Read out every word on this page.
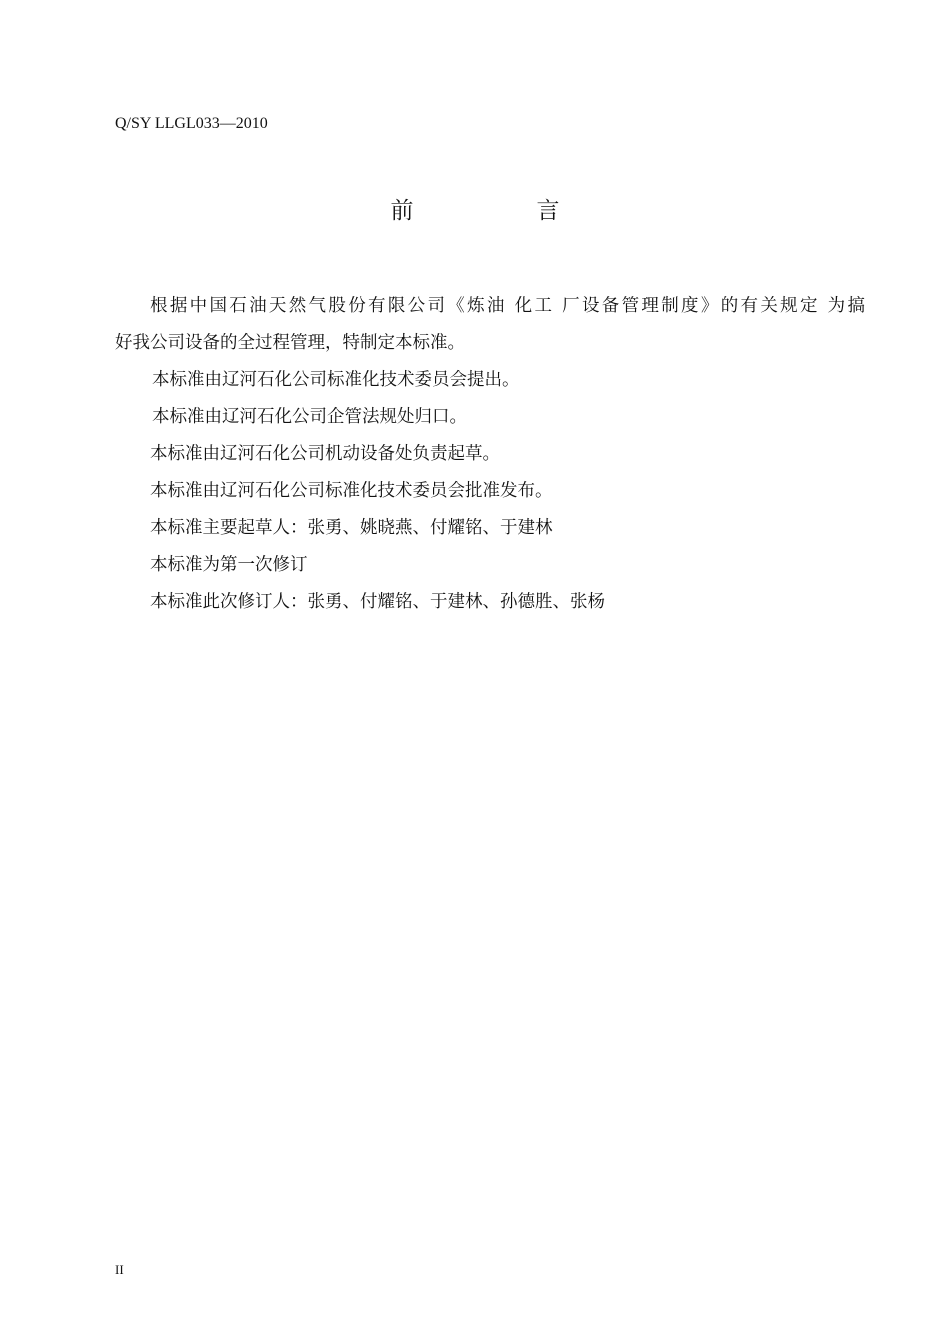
Q/SY LLGL033—2010
前　言

根据中国石油天然气股份有限公司《炼油 化工 厂设备管理制度》的有关规定 为搞

好我公司设备的全过程管理，特制定本标准。

本标准由辽河石化公司标准化技术委员会提出。

本标准由辽河石化公司企管法规处归口。

本标准由辽河石化公司机动设备处负责起草。

本标准由辽河石化公司标准化技术委员会批准发布。

本标准主要起草人：张勇、姚晓燕、付耀铭、于建林

本标准为第一次修订

本标准此次修订人：张勇、付耀铭、于建林、孙德胜、张杨

II
